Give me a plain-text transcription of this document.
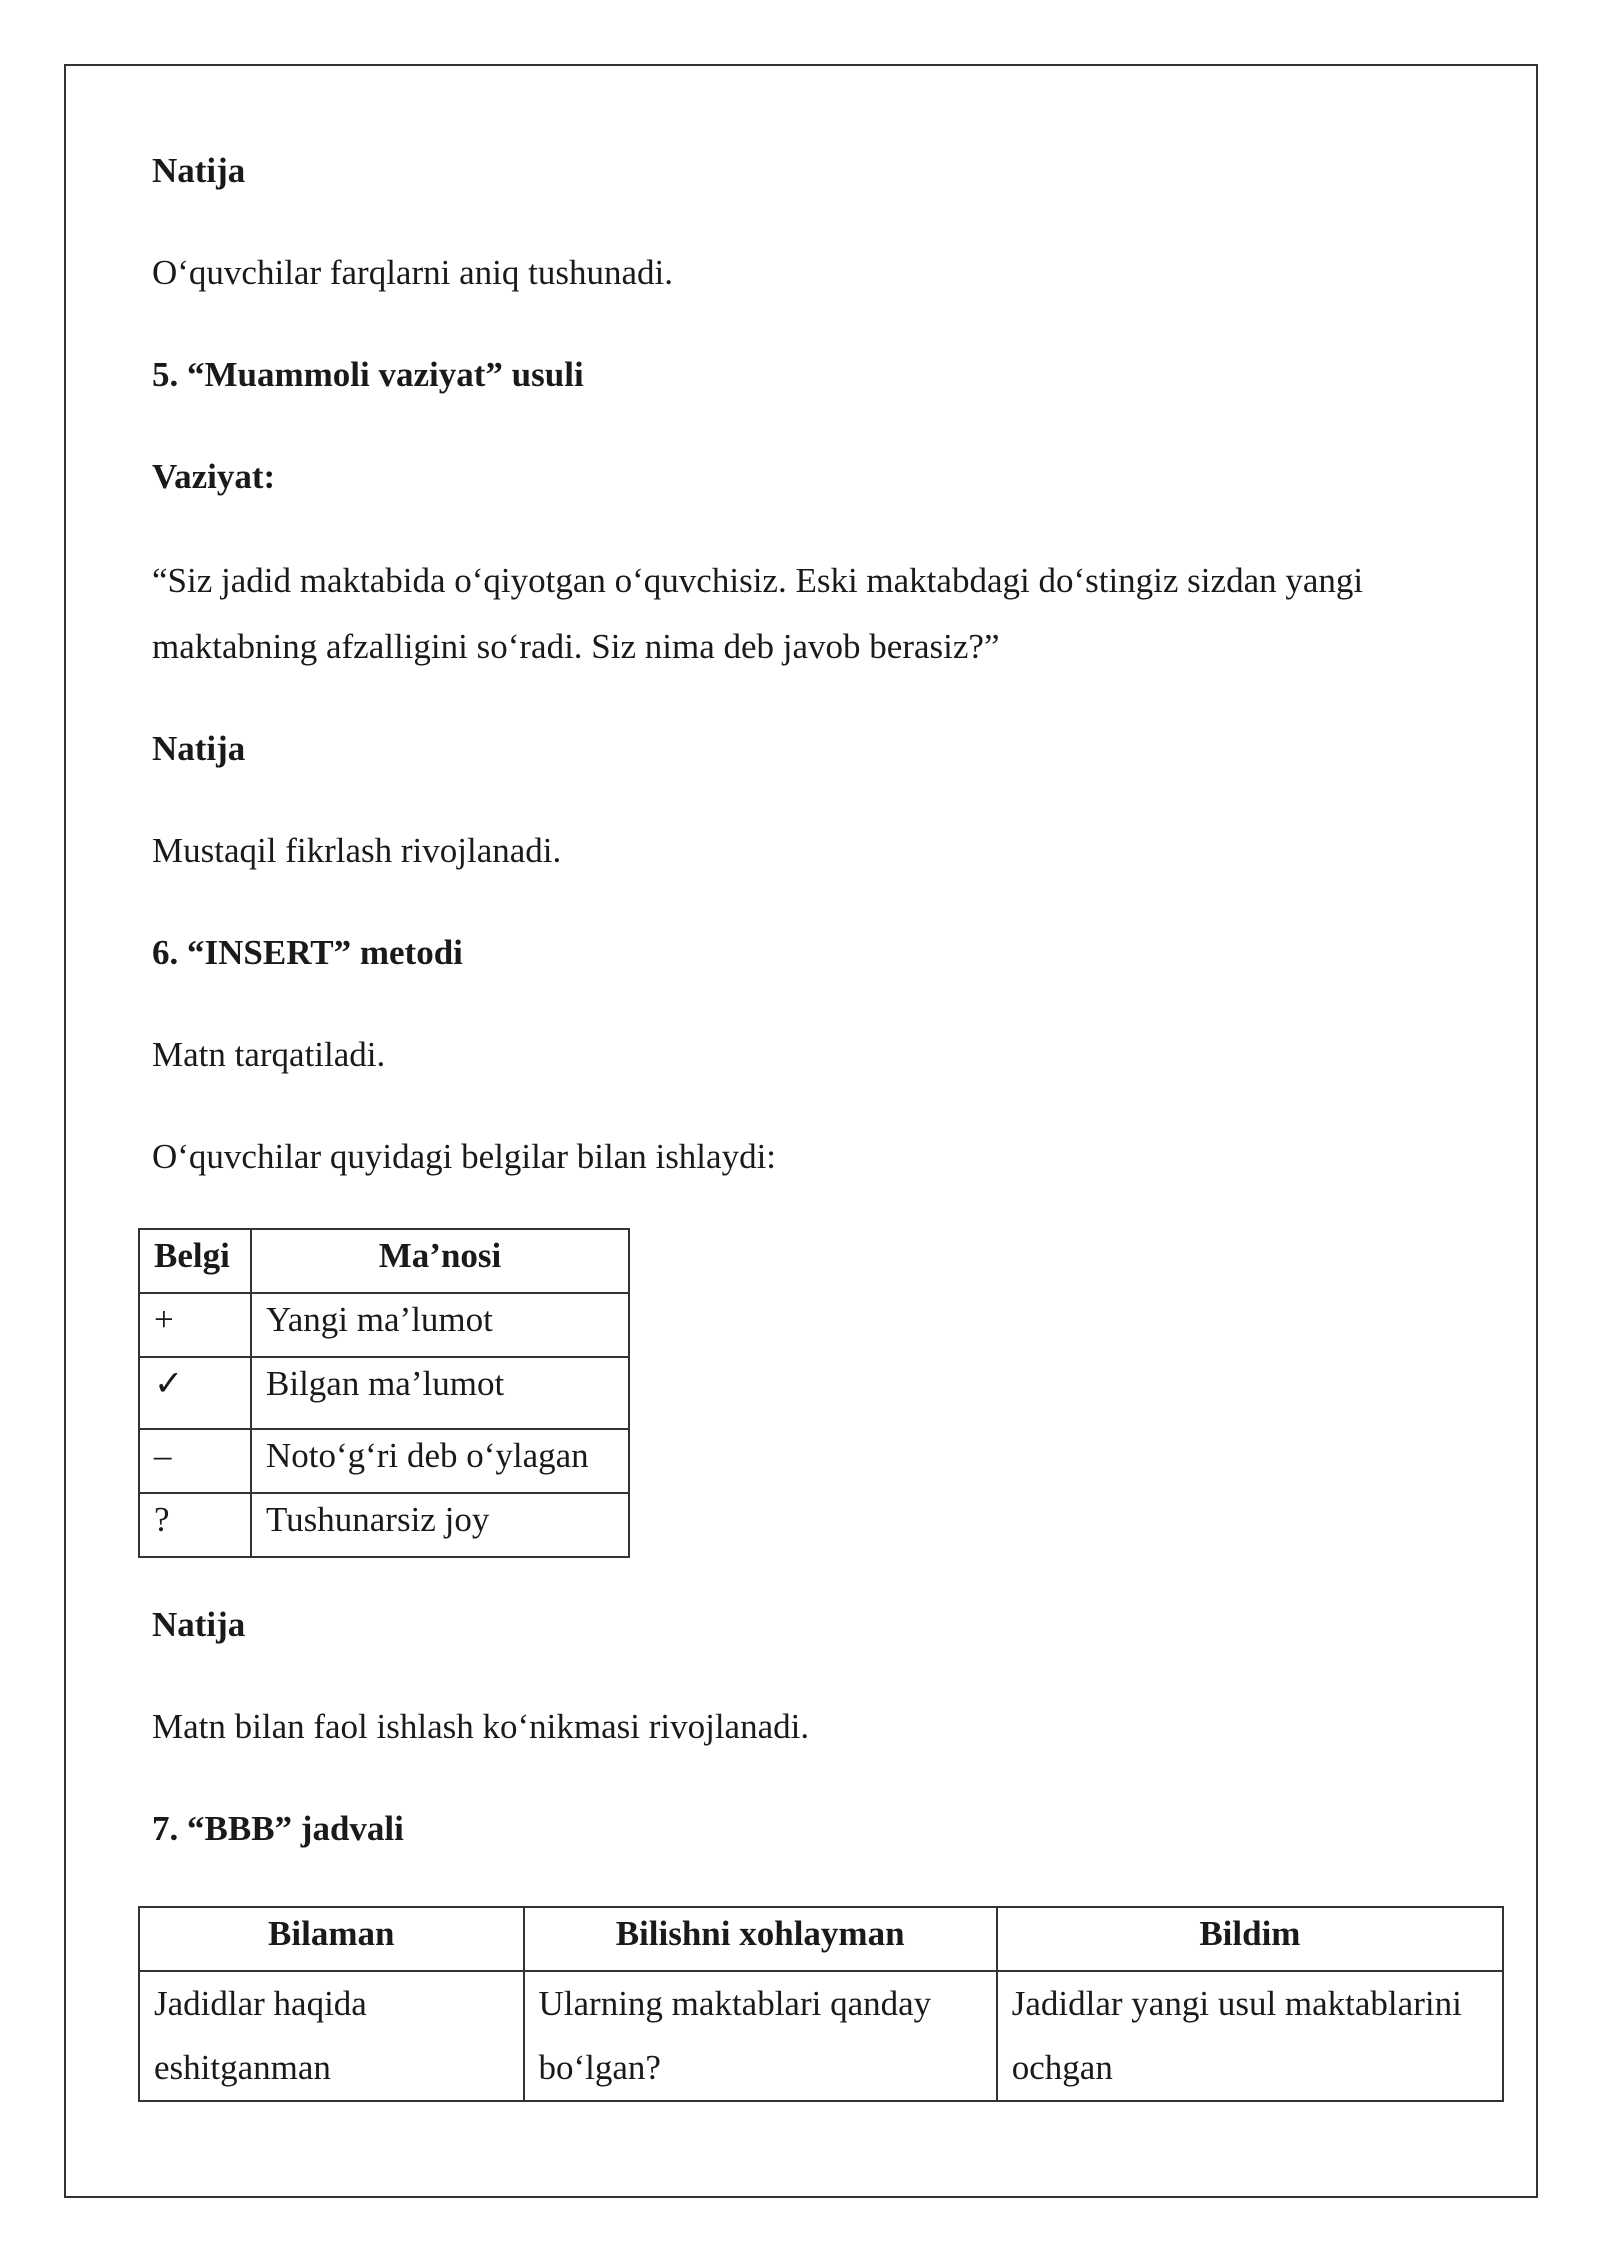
Natija
O‘quvchilar farqlarni aniq tushunadi.
5. “Muammoli vaziyat” usuli
Vaziyat:
“Siz jadid maktabida o‘qiyotgan o‘quvchisiz. Eski maktabdagi do‘stingiz sizdan yangi maktabning afzalligini so‘radi. Siz nima deb javob berasiz?”
Natija
Mustaqil fikrlash rivojlanadi.
6. “INSERT” metodi
Matn tarqatiladi.
O‘quvchilar quyidagi belgilar bilan ishlaydi:
Belgi	Ma’nosi
+	Yangi ma’lumot
✓	Bilgan ma’lumot
–	Noto‘g‘ri deb o‘ylagan
?	Tushunarsiz joy
Natija
Matn bilan faol ishlash ko‘nikmasi rivojlanadi.
7. “BBB” jadvali
Bilaman	Bilishni xohlayman	Bildim
Jadidlar haqida eshitganman	Ularning maktablari qanday bo‘lgan?	Jadidlar yangi usul maktablarini ochgan
